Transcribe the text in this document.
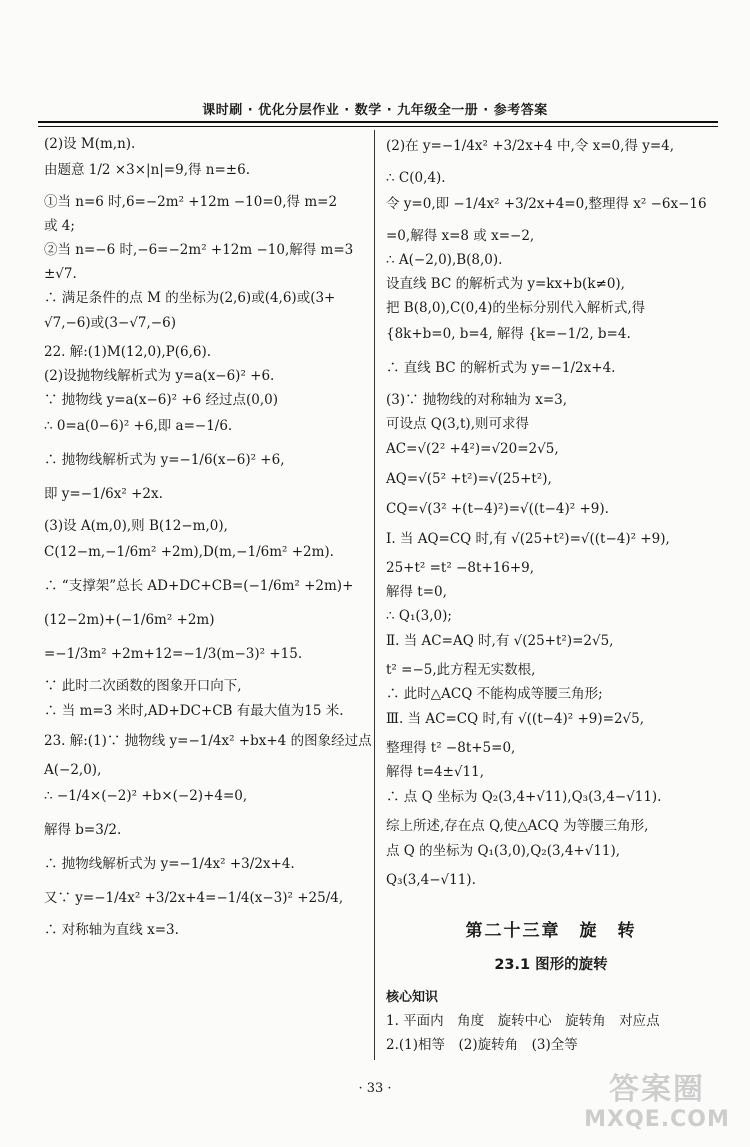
课时刷 · 优化分层作业 · 数学 · 九年级全一册 · 参考答案
(2)设 M(m,n).
由题意 1/2 ×3×|n|=9,得 n=±6.
①当 n=6 时,6=−2m² +12m −10=0,得 m=2
或 4;
②当 n=−6 时,−6=−2m² +12m −10,解得 m=3
±√7.
∴ 满足条件的点 M 的坐标为(2,6)或(4,6)或(3+
√7,−6)或(3−√7,−6)
22. 解:(1)M(12,0),P(6,6).
(2)设抛物线解析式为 y=a(x−6)² +6.
∵ 抛物线 y=a(x−6)² +6 经过点(0,0)
∴ 0=a(0−6)² +6,即 a=−1/6.
∴ 抛物线解析式为 y=−1/6(x−6)² +6,
即 y=−1/6x² +2x.
(3)设 A(m,0),则 B(12−m,0),
C(12−m,−1/6m² +2m),D(m,−1/6m² +2m).
∴ “支撑架”总长 AD+DC+CB=(−1/6m² +2m)+
(12−2m)+(−1/6m² +2m)
=−1/3m² +2m+12=−1/3(m−3)² +15.
∵ 此时二次函数的图象开口向下,
∴ 当 m=3 米时,AD+DC+CB 有最大值为15 米.
23. 解:(1)∵ 抛物线 y=−1/4x² +bx+4 的图象经过点
A(−2,0),
∴ −1/4×(−2)² +b×(−2)+4=0,
解得 b=3/2.
∴ 抛物线解析式为 y=−1/4x² +3/2x+4.
又∵ y=−1/4x² +3/2x+4=−1/4(x−3)² +25/4,
∴ 对称轴为直线 x=3.
(2)在 y=−1/4x² +3/2x+4 中,令 x=0,得 y=4,
∴ C(0,4).
令 y=0,即 −1/4x² +3/2x+4=0,整理得 x² −6x−16
=0,解得 x=8 或 x=−2,
∴ A(−2,0),B(8,0).
设直线 BC 的解析式为 y=kx+b(k≠0),
把 B(8,0),C(0,4)的坐标分别代入解析式,得
{8k+b=0, b=4, 解得 {k=−1/2, b=4.
∴ 直线 BC 的解析式为 y=−1/2x+4.
(3)∵ 抛物线的对称轴为 x=3,
可设点 Q(3,t),则可求得
AC=√(2² +4²)=√20=2√5,
AQ=√(5² +t²)=√(25+t²),
CQ=√(3² +(t−4)²)=√((t−4)² +9).
Ⅰ. 当 AQ=CQ 时,有 √(25+t²)=√((t−4)² +9),
25+t² =t² −8t+16+9,
解得 t=0,
∴ Q₁(3,0);
Ⅱ. 当 AC=AQ 时,有 √(25+t²)=2√5,
t² =−5,此方程无实数根,
∴ 此时△ACQ 不能构成等腰三角形;
Ⅲ. 当 AC=CQ 时,有 √((t−4)² +9)=2√5,
整理得 t² −8t+5=0,
解得 t=4±√11,
∴ 点 Q 坐标为 Q₂(3,4+√11),Q₃(3,4−√11).
综上所述,存在点 Q,使△ACQ 为等腰三角形,
点 Q 的坐标为 Q₁(3,0),Q₂(3,4+√11),
Q₃(3,4−√11).
第二十三章　旋　转
23.1 图形的旋转
核心知识
1. 平面内　角度　旋转中心　旋转角　对应点
2.(1)相等　(2)旋转角　(3)全等
· 33 ·	答案圈
MXQE.COM
